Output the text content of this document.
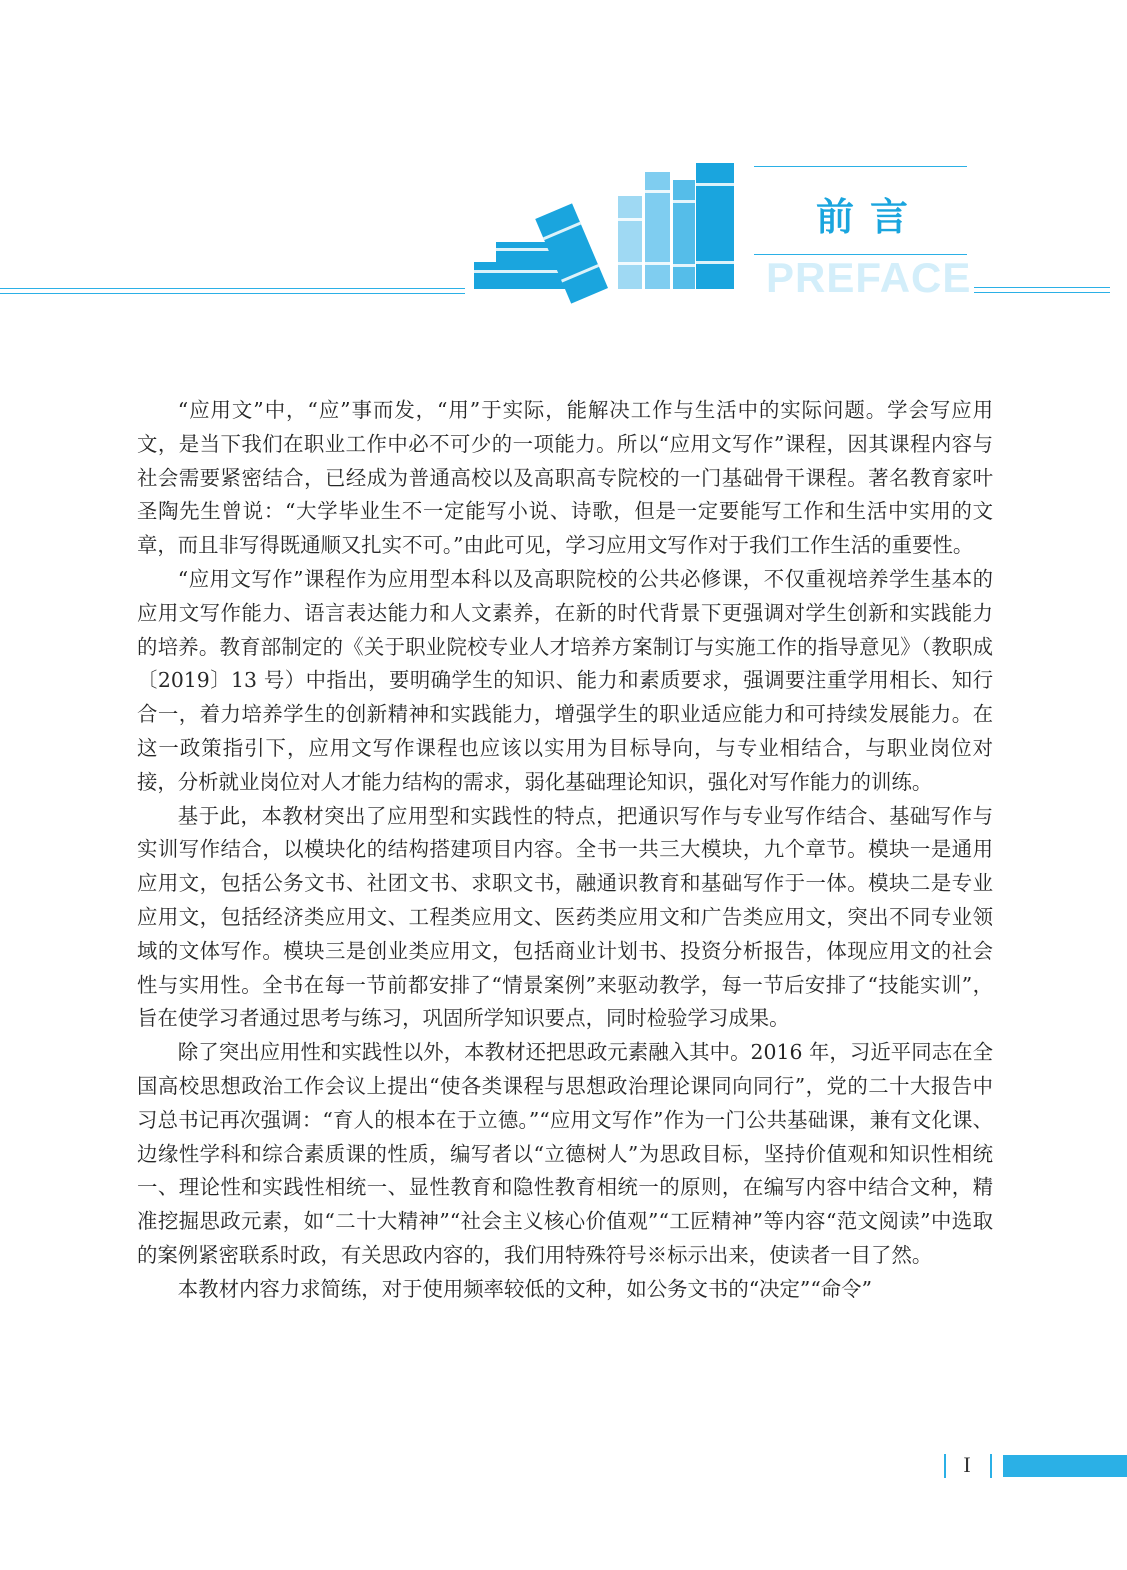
前言
PREFACE

“应用文”中，“应”事而发，“用”于实际，能解决工作与生活中的实际问题。学会写应用文，是当下我们在职业工作中必不可少的一项能力。所以“应用文写作”课程，因其课程内容与社会需要紧密结合，已经成为普通高校以及高职高专院校的一门基础骨干课程。著名教育家叶圣陶先生曾说：“大学毕业生不一定能写小说、诗歌，但是一定要能写工作和生活中实用的文章，而且非写得既通顺又扎实不可。”由此可见，学习应用文写作对于我们工作生活的重要性。

“应用文写作”课程作为应用型本科以及高职院校的公共必修课，不仅重视培养学生基本的应用文写作能力、语言表达能力和人文素养，在新的时代背景下更强调对学生创新和实践能力的培养。教育部制定的《关于职业院校专业人才培养方案制订与实施工作的指导意见》（教职成〔2019〕13 号）中指出，要明确学生的知识、能力和素质要求，强调要注重学用相长、知行合一，着力培养学生的创新精神和实践能力，增强学生的职业适应能力和可持续发展能力。在这一政策指引下，应用文写作课程也应该以实用为目标导向，与专业相结合，与职业岗位对接，分析就业岗位对人才能力结构的需求，弱化基础理论知识，强化对写作能力的训练。

基于此，本教材突出了应用型和实践性的特点，把通识写作与专业写作结合、基础写作与实训写作结合，以模块化的结构搭建项目内容。全书一共三大模块，九个章节。模块一是通用应用文，包括公务文书、社团文书、求职文书，融通识教育和基础写作于一体。模块二是专业应用文，包括经济类应用文、工程类应用文、医药类应用文和广告类应用文，突出不同专业领域的文体写作。模块三是创业类应用文，包括商业计划书、投资分析报告，体现应用文的社会性与实用性。全书在每一节前都安排了“情景案例”来驱动教学，每一节后安排了“技能实训”，旨在使学习者通过思考与练习，巩固所学知识要点，同时检验学习成果。

除了突出应用性和实践性以外，本教材还把思政元素融入其中。2016 年，习近平同志在全国高校思想政治工作会议上提出“使各类课程与思想政治理论课同向同行”，党的二十大报告中习总书记再次强调：“育人的根本在于立德。”“应用文写作”作为一门公共基础课，兼有文化课、边缘性学科和综合素质课的性质，编写者以“立德树人”为思政目标，坚持价值观和知识性相统一、理论性和实践性相统一、显性教育和隐性教育相统一的原则，在编写内容中结合文种，精准挖掘思政元素，如“二十大精神”“社会主义核心价值观”“工匠精神”等内容“范文阅读”中选取的案例紧密联系时政，有关思政内容的，我们用特殊符号※标示出来，使读者一目了然。

本教材内容力求简练，对于使用频率较低的文种，如公务文书的“决定”“命令”

I
